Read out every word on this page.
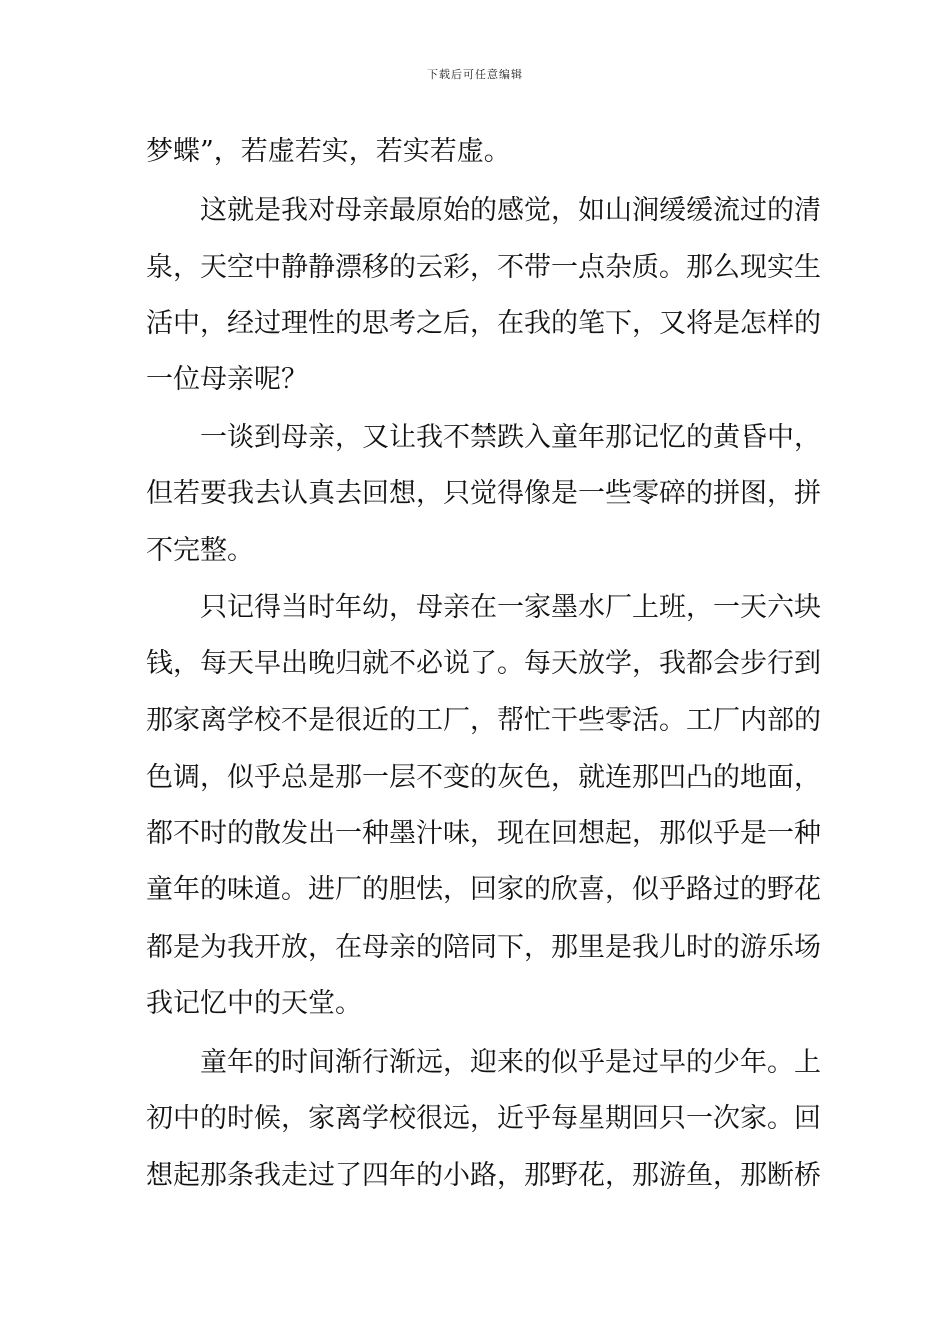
下载后可任意编辑
梦蝶”，若虚若实，若实若虚。
这就是我对母亲最原始的感觉，如山涧缓缓流过的清
泉，天空中静静漂移的云彩，不带一点杂质。那么现实生
活中，经过理性的思考之后，在我的笔下，又将是怎样的
一位母亲呢？
一谈到母亲，又让我不禁跌入童年那记忆的黄昏中，
但若要我去认真去回想，只觉得像是一些零碎的拼图，拼
不完整。
只记得当时年幼，母亲在一家墨水厂上班，一天六块
钱，每天早出晚归就不必说了。每天放学，我都会步行到
那家离学校不是很近的工厂，帮忙干些零活。工厂内部的
色调，似乎总是那一层不变的灰色，就连那凹凸的地面，
都不时的散发出一种墨汁味，现在回想起，那似乎是一种
童年的味道。进厂的胆怯，回家的欣喜，似乎路过的野花
都是为我开放，在母亲的陪同下，那里是我儿时的游乐场
我记忆中的天堂。
童年的时间渐行渐远，迎来的似乎是过早的少年。上
初中的时候，家离学校很远，近乎每星期回只一次家。回
想起那条我走过了四年的小路，那野花，那游鱼，那断桥
